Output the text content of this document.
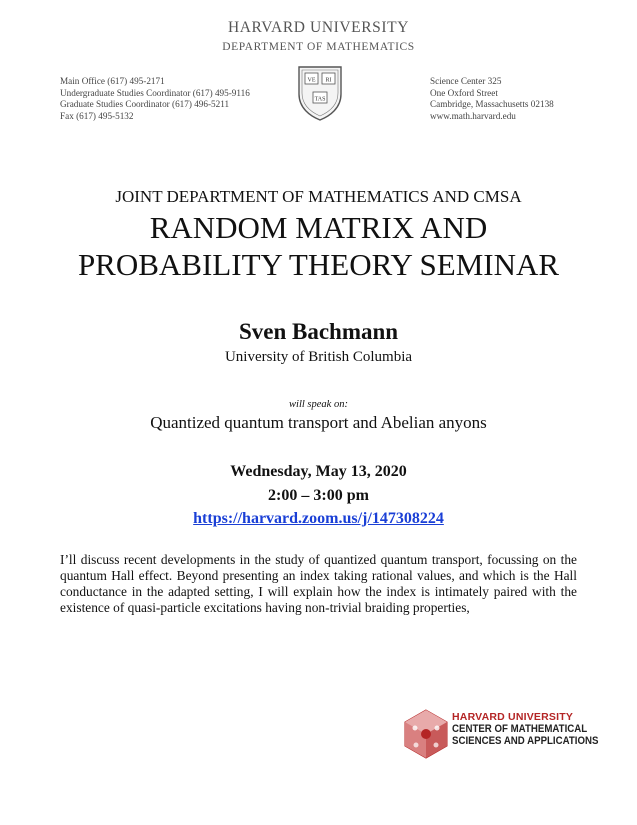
HARVARD UNIVERSITY
DEPARTMENT OF MATHEMATICS
Main Office (617) 495-2171
Undergraduate Studies Coordinator (617) 495-9116
Graduate Studies Coordinator (617) 496-5211
Fax (617) 495-5132
VE RI
TAS
Science Center 325
One Oxford Street
Cambridge, Massachusetts 02138
www.math.harvard.edu
JOINT DEPARTMENT OF MATHEMATICS AND CMSA
RANDOM MATRIX AND
PROBABILITY THEORY SEMINAR
Sven Bachmann
University of British Columbia
will speak on:
Quantized quantum transport and Abelian anyons
Wednesday, May 13, 2020
2:00 – 3:00 pm
https://harvard.zoom.us/j/147308224
I’ll discuss recent developments in the study of quantized quantum transport, focussing on the quantum Hall effect. Beyond presenting an index taking rational values, and which is the Hall conductance in the adapted setting, I will explain how the index is intimately paired with the existence of quasi-particle excitations having non-trivial braiding properties,
HARVARD UNIVERSITY
CENTER OF MATHEMATICAL
SCIENCES AND APPLICATIONS
